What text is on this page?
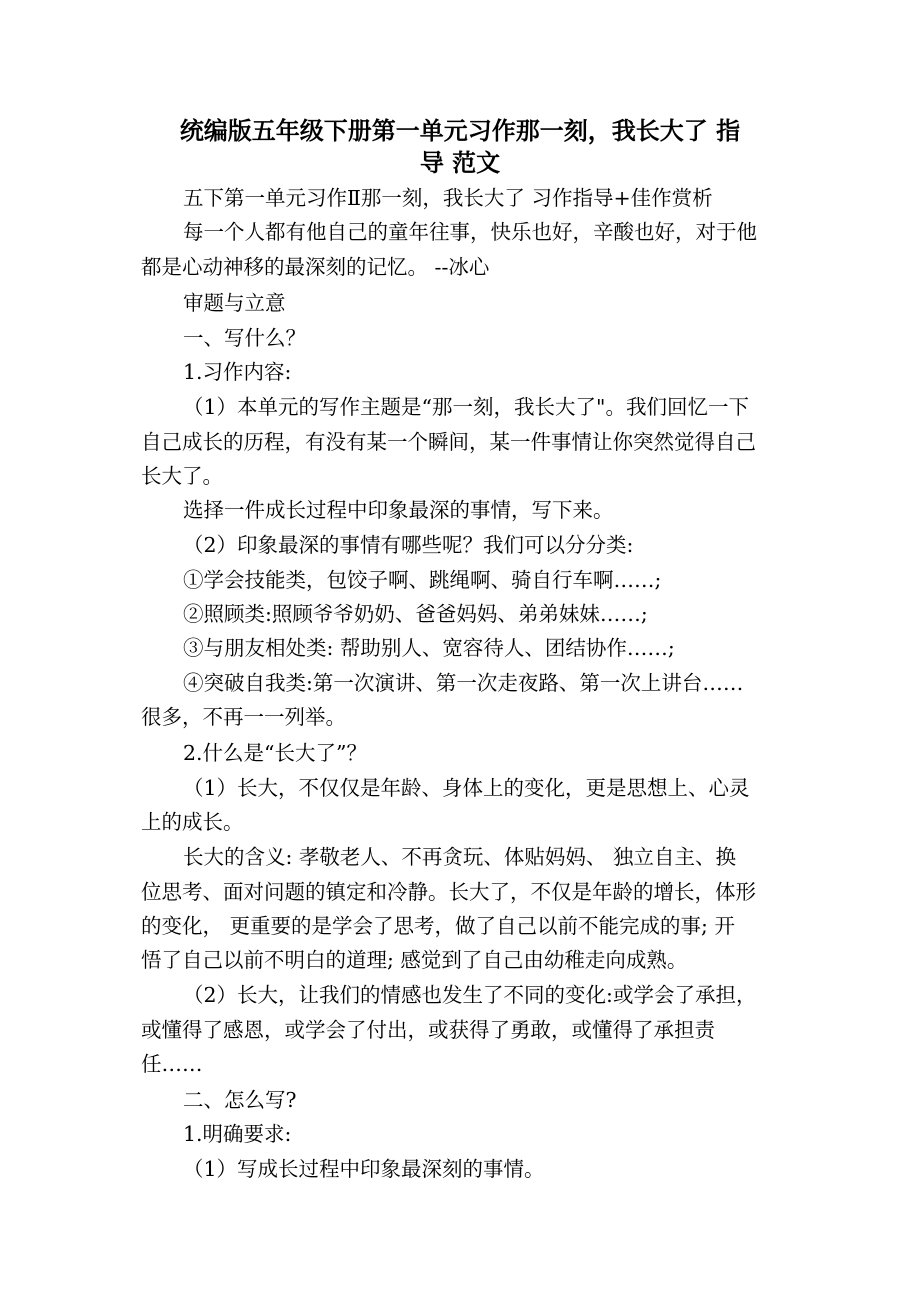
统编版五年级下册第一单元习作那一刻，我长大了 指
导 范文
五下第一单元习作Ⅱ那一刻，我长大了 习作指导+佳作赏析
每一个人都有他自己的童年往事，快乐也好，辛酸也好，对于他
都是心动神移的最深刻的记忆。 --冰心
审题与立意
一、写什么？
1.习作内容:
（1）本单元的写作主题是“那一刻，我长大了"。我们回忆一下
自己成长的历程，有没有某一个瞬间，某一件事情让你突然觉得自己
长大了。
选择一件成长过程中印象最深的事情，写下来。
（2）印象最深的事情有哪些呢？我们可以分分类:
①学会技能类，包饺子啊、跳绳啊、骑自行车啊……;
②照顾类:照顾爷爷奶奶、爸爸妈妈、弟弟妹妹……;
③与朋友相处类: 帮助别人、宽容待人、团结协作……;
④突破自我类:第一次演讲、第一次走夜路、第一次上讲台……
很多，不再一一列举。
2.什么是“长大了”？
（1）长大，不仅仅是年龄、身体上的变化，更是思想上、心灵
上的成长。
长大的含义: 孝敬老人、不再贪玩、体贴妈妈、 独立自主、换
位思考、面对问题的镇定和冷静。长大了，不仅是年龄的增长，体形
的变化， 更重要的是学会了思考，做了自己以前不能完成的事; 开
悟了自己以前不明白的道理; 感觉到了自己由幼稚走向成熟。
（2）长大，让我们的情感也发生了不同的变化:或学会了承担，
或懂得了感恩，或学会了付出，或获得了勇敢，或懂得了承担责
任……
二、怎么写?
1.明确要求:
（1）写成长过程中印象最深刻的事情。
